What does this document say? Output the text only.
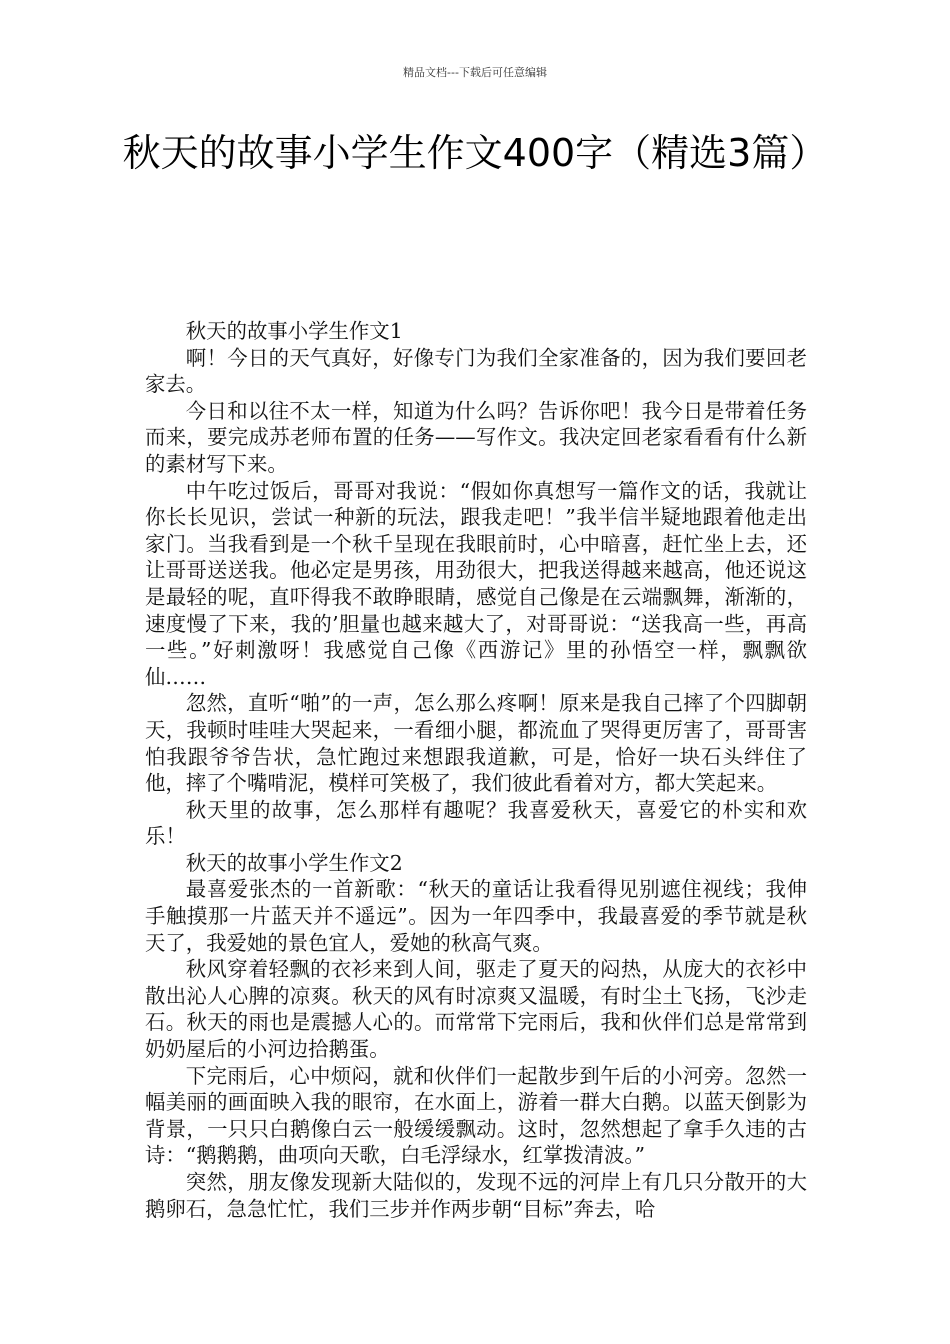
精品文档---下载后可任意编辑
秋天的故事小学生作文400字（精选3篇）

秋天的故事小学生作文1

啊！今日的天气真好，好像专门为我们全家准备的，因为我们要回老家去。

今日和以往不太一样，知道为什么吗？告诉你吧！我今日是带着任务而来，要完成苏老师布置的任务——写作文。我决定回老家看看有什么新的素材写下来。

中午吃过饭后，哥哥对我说：“假如你真想写一篇作文的话，我就让你长长见识，尝试一种新的玩法，跟我走吧！”我半信半疑地跟着他走出家门。当我看到是一个秋千呈现在我眼前时，心中暗喜，赶忙坐上去，还让哥哥送送我。他必定是男孩，用劲很大，把我送得越来越高，他还说这是最轻的呢，直吓得我不敢睁眼睛，感觉自己像是在云端飘舞，渐渐的，速度慢了下来，我的’胆量也越来越大了，对哥哥说：“送我高一些，再高一些。”好刺激呀！我感觉自己像《西游记》里的孙悟空一样，飘飘欲仙……

忽然，直听“啪”的一声，怎么那么疼啊！原来是我自己摔了个四脚朝天，我顿时哇哇大哭起来，一看细小腿，都流血了哭得更厉害了，哥哥害怕我跟爷爷告状，急忙跑过来想跟我道歉，可是，恰好一块石头绊住了他，摔了个嘴啃泥，模样可笑极了，我们彼此看着对方，都大笑起来。

秋天里的故事，怎么那样有趣呢？我喜爱秋天，喜爱它的朴实和欢乐！

秋天的故事小学生作文2

最喜爱张杰的一首新歌：“秋天的童话让我看得见别遮住视线；我伸手触摸那一片蓝天并不遥远”。因为一年四季中，我最喜爱的季节就是秋天了，我爱她的景色宜人，爱她的秋高气爽。

秋风穿着轻飘的衣衫来到人间，驱走了夏天的闷热，从庞大的衣衫中散出沁人心脾的凉爽。秋天的风有时凉爽又温暖，有时尘土飞扬，飞沙走石。秋天的雨也是震撼人心的。而常常下完雨后，我和伙伴们总是常常到奶奶屋后的小河边拾鹅蛋。

下完雨后，心中烦闷，就和伙伴们一起散步到午后的小河旁。忽然一幅美丽的画面映入我的眼帘，在水面上，游着一群大白鹅。以蓝天倒影为背景，一只只白鹅像白云一般缓缓飘动。这时，忽然想起了拿手久违的古诗：“鹅鹅鹅，曲项向天歌，白毛浮绿水，红掌拨清波。”

突然，朋友像发现新大陆似的，发现不远的河岸上有几只分散开的大鹅卵石，急急忙忙，我们三步并作两步朝“目标”奔去，哈
